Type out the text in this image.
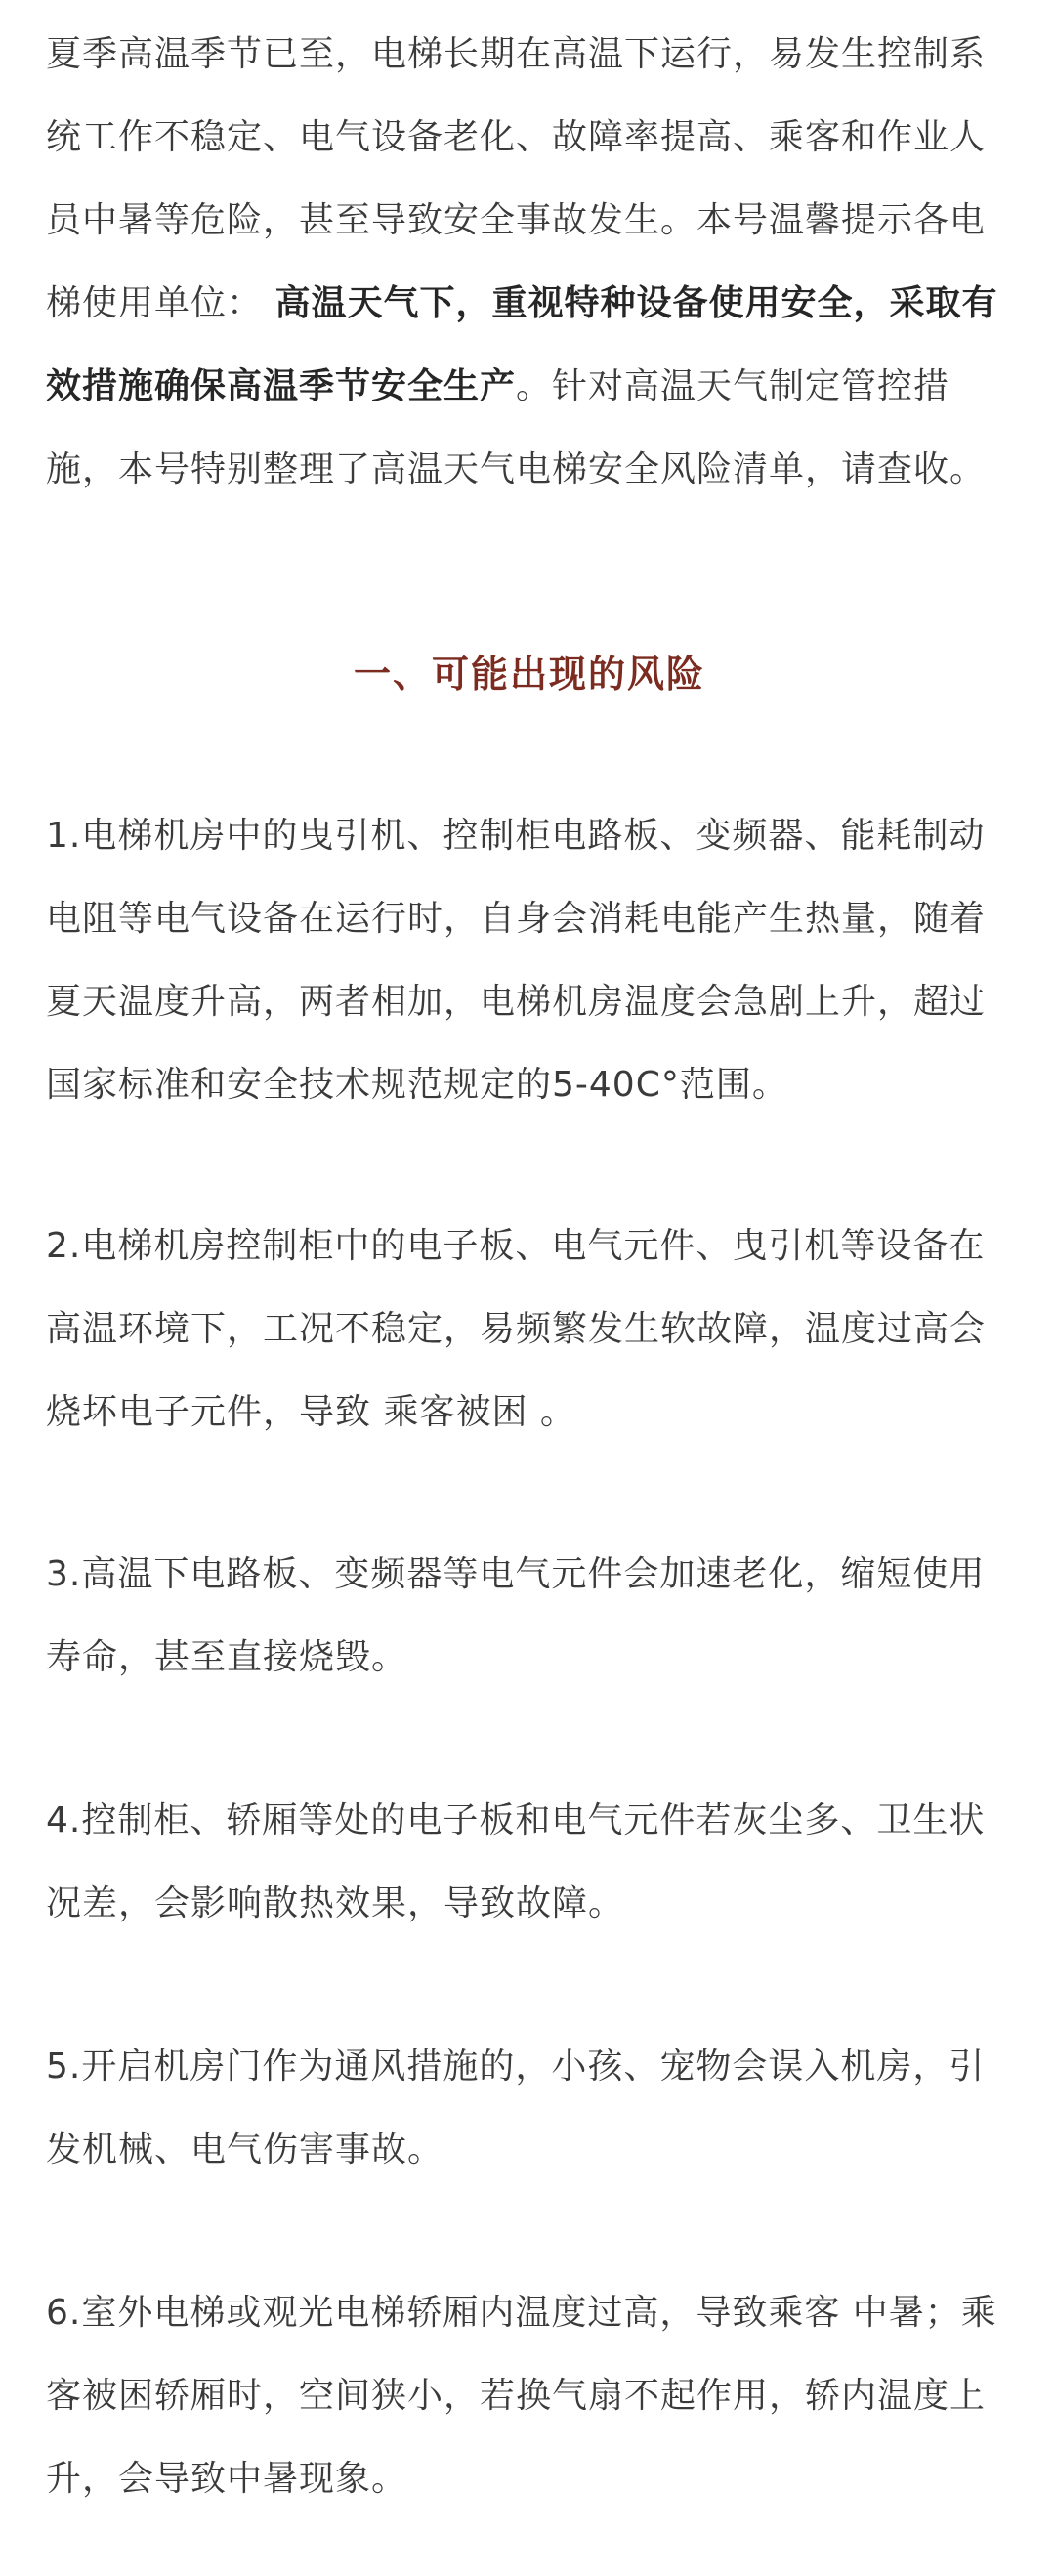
夏季高温季节已至，电梯长期在高温下运行，易发生控制系统工作不稳定、电气设备老化、故障率提高、乘客和作业人员中暑等危险，甚至导致安全事故发生。本号温馨提示各电梯使用单位： 高温天气下，重视特种设备使用安全，采取有效措施确保高温季节安全生产。针对高温天气制定管控措施，本号特别整理了高温天气电梯安全风险清单，请查收。

一、可能出现的风险

1.电梯机房中的曳引机、控制柜电路板、变频器、能耗制动电阻等电气设备在运行时，自身会消耗电能产生热量，随着夏天温度升高，两者相加，电梯机房温度会急剧上升，超过国家标准和安全技术规范规定的5-40C°范围。

2.电梯机房控制柜中的电子板、电气元件、曳引机等设备在高温环境下，工况不稳定，易频繁发生软故障，温度过高会烧坏电子元件，导致 乘客被困 。

3.高温下电路板、变频器等电气元件会加速老化，缩短使用寿命，甚至直接烧毁。

4.控制柜、轿厢等处的电子板和电气元件若灰尘多、卫生状况差，会影响散热效果，导致故障。

5.开启机房门作为通风措施的，小孩、宠物会误入机房，引发机械、电气伤害事故。

6.室外电梯或观光电梯轿厢内温度过高，导致乘客 中暑；乘客被困轿厢时，空间狭小，若换气扇不起作用，轿内温度上升，会导致中暑现象。
